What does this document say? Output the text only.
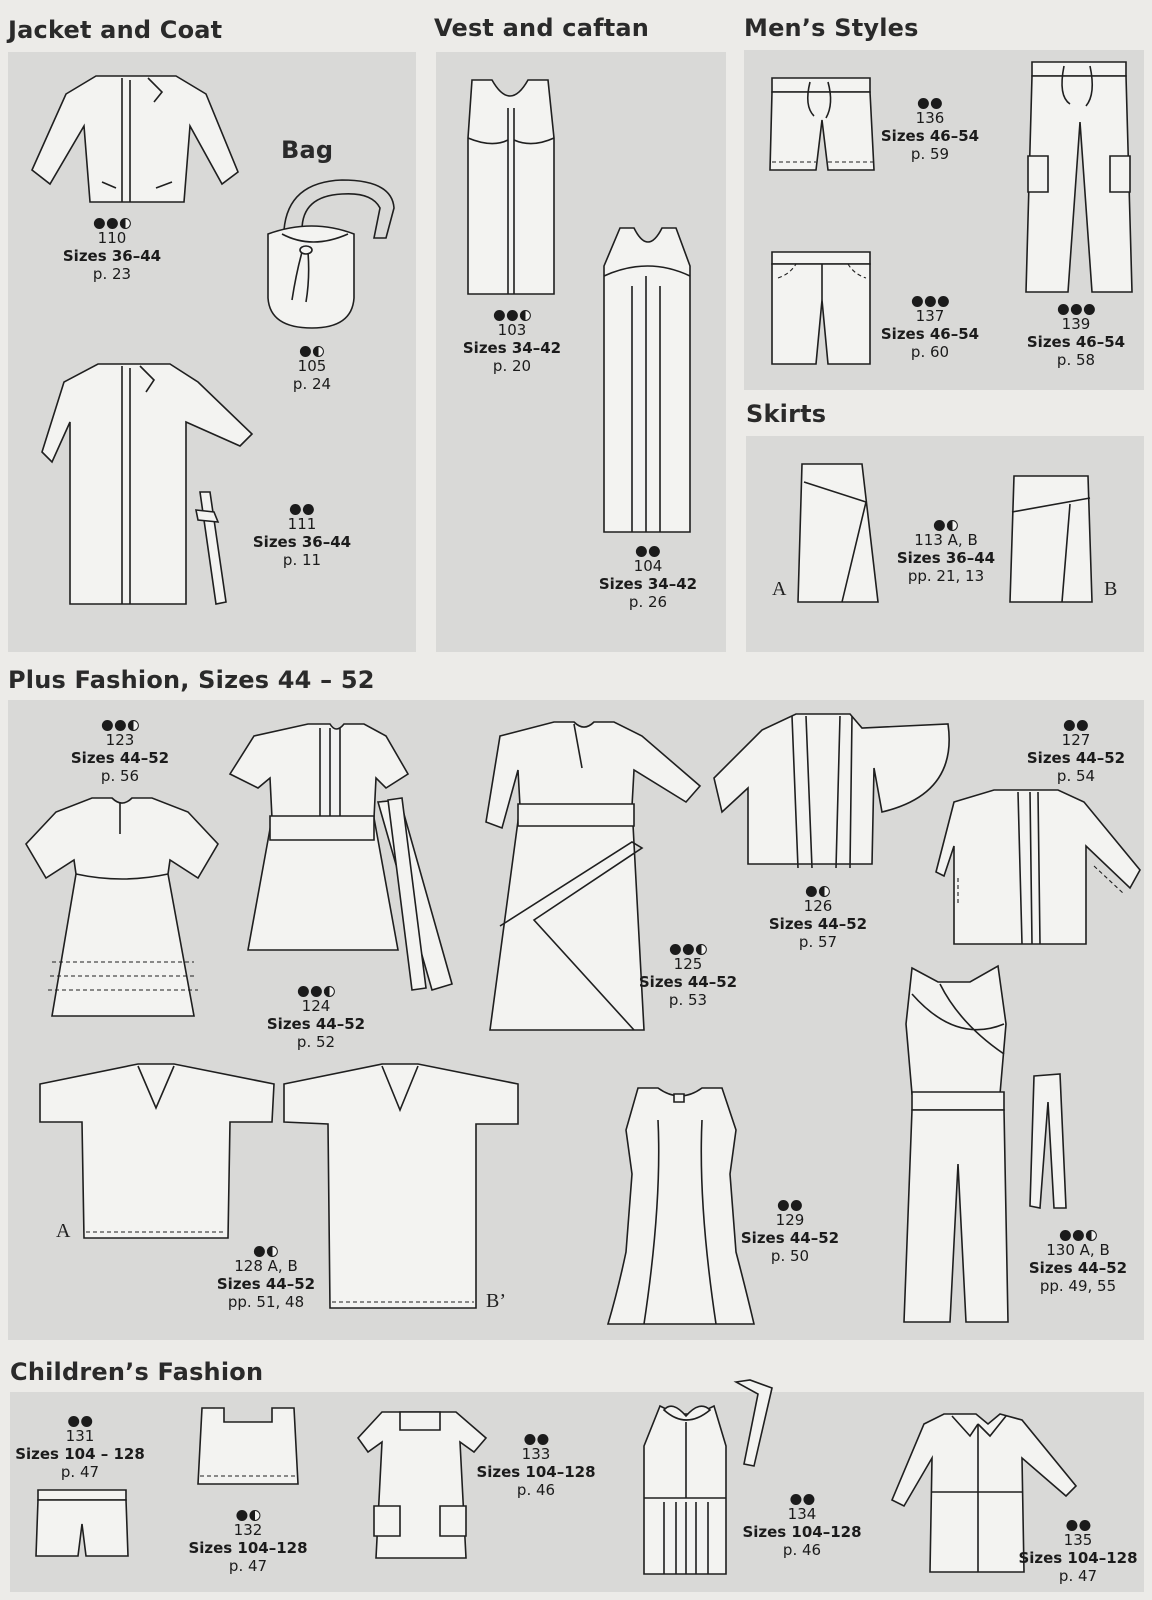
Jacket and Coat	Vest and caftan	Men’s Styles
Skirts
Plus Fashion, Sizes 44 – 52
Children’s Fashion
110
Sizes 36–44
p. 23
Bag
105
p. 24
111
Sizes 36–44
p. 11
103
Sizes 34–42
p. 20
104
Sizes 34–42
p. 26
136
Sizes 46–54
p. 59
137
Sizes 46–54
p. 60
139
Sizes 46–54
p. 58
A	B
113 A, B
Sizes 36–44
pp. 21, 13
123
Sizes 44–52
p. 56
124
Sizes 44–52
p. 52
125
Sizes 44–52
p. 53
126
Sizes 44–52
p. 57
127
Sizes 44–52
p. 54
A
B’
128 A, B
Sizes 44–52
pp. 51, 48
129
Sizes 44–52
p. 50	130 A, B
Sizes 44–52
pp. 49, 55
131
Sizes 104 – 128
p. 47
132
Sizes 104–128
p. 47
133
Sizes 104–128
p. 46
134
Sizes 104–128
p. 46
135
Sizes 104–128
p. 47
